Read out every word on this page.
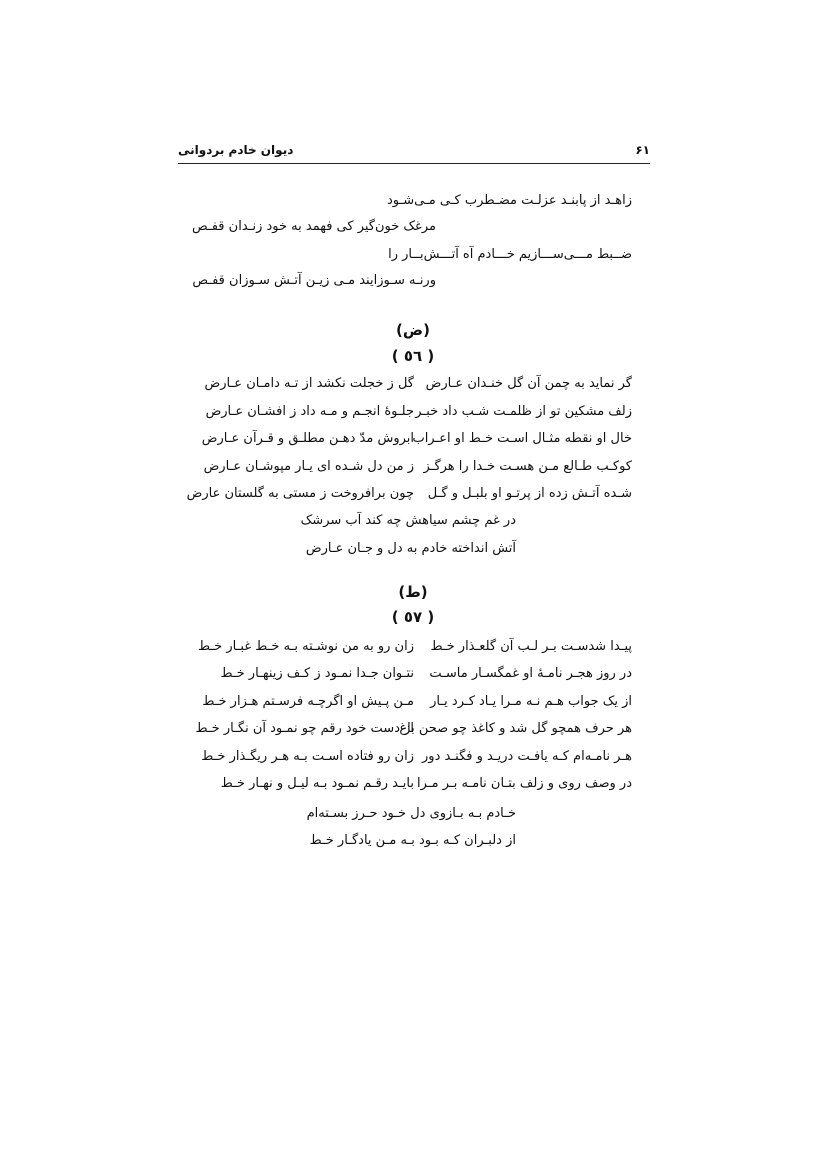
دیوان خادم بردوانی	۶۱
زاهـد از پابنـد عزلـت مضـطرب کـی مـی‌شـود
مرغک خون‌گیر کی فهمد به خود زنـدان قفـص
ضــبط مـــی‌ســـازیم خـــادم آه آتـــش‌بــار را
ورنـه سـوزایند مـی زیـن آتـش سـوزان قفـص
(ض)
( ٥٦ )
گر نماید به چمن آن گل خنـدان عـارض
گل ز خجلت نکشد از تـه دامـان عـارض
زلف مشکین تو از ظلمـت شـب داد خبـر
جلـوهٔ انجـم و مـه داد ز افشـان عـارض
خال او نقطه مثـال اسـت خـط او اعـراب
ابروش مدّ دهـن مطلـق و قـرآن عـارض
کوکـب طـالع مـن هسـت خـدا را هرگـز
ز من دل شـده ای یـار مپوشـان عـارض
شـده آتـش زده از پرتـو او بلبـل و گـل
چون برافروخت ز مستی به گلستان عارض
در غم چشم سیاهش چه کند آب سرشک
آتش انداخته خادم به دل و جـان عـارض
(ط)
( ٥٧ )
پیـدا شدسـت بـر لـب آن گلعـذار خـط
زان رو به من نوشـته بـه خـط غبـار خـط
در روز هجـر نامـهٔ او غمگسـار ماسـت
نتـوان جـدا نمـود ز کـف زینهـار خـط
از یک جواب هـم نـه مـرا یـاد کـرد یـار
مـن پـیش او اگرچـه فرسـتم هـزار خـط
هر حرف همچو گل شد و کاغذ چو صحن باغ
از دست خود رقم چو نمـود آن نگـار خـط
هـر نامـه‌ام کـه یافـت دریـد و فگنـد دور
زان رو فتاده اسـت بـه هـر ریگـذار خـط
در وصف روی و زلف بتـان نامـه بـر مـرا
بایـد رقـم نمـود بـه لیـل و نهـار خـط
خـادم بـه بـازوی دل خـود حـرز بسـته‌ام
از دلبـران کـه بـود بـه مـن یادگـار خـط
